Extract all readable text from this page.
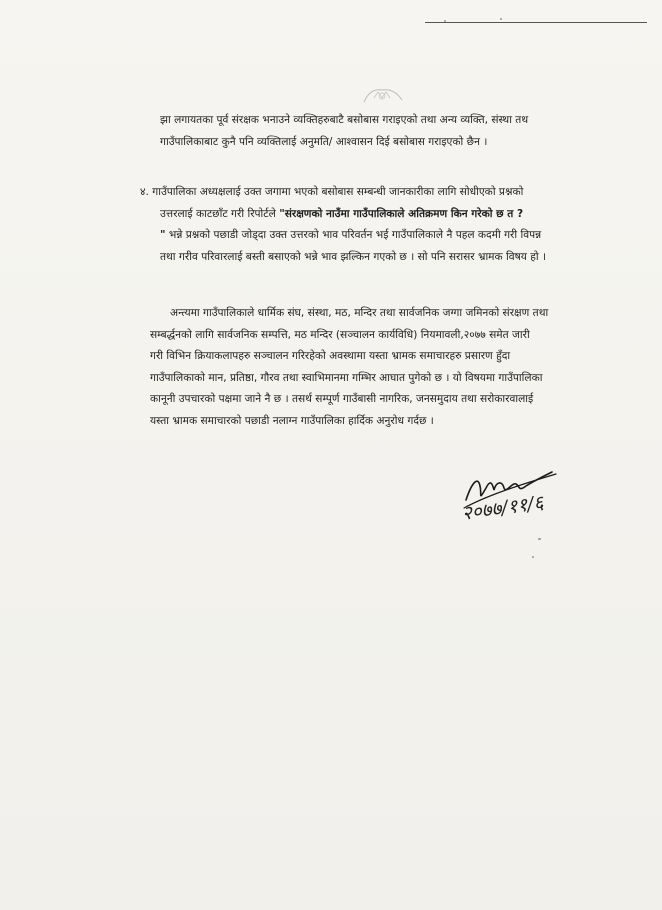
झा लगायतका पूर्व संरक्षक भनाउने व्यक्तिहरुबाटै बसोबास गराइएको तथा अन्य व्यक्ति, संस्था तथ
गाउँपालिकाबाट कुनै पनि व्यक्तिलाई अनुमति/ आश्वासन दिई बसोबास गराइएको छैन ।
४. गाउँपालिका अध्यक्षलाई उक्त जगामा भएको बसोबास सम्बन्धी जानकारीका लागि सोधीएको प्रश्नको
उत्तरलाई काटछाँट गरी रिपोर्टले "संरक्षणको नाउँमा गाउँपालिकाले अतिक्रमण किन गरेको छ त ?
" भन्ने प्रश्नको पछाडी जोड्दा उक्त उत्तरको भाव परिवर्तन भई गाउँपालिकाले नै पहल कदमी गरी विपन्न
तथा गरीव परिवारलाई बस्ती बसाएको भन्ने भाव झल्किन गएको छ । सो पनि सरासर भ्रामक विषय हो ।
अन्त्यमा गाउँपालिकाले धार्मिक संघ, संस्था, मठ, मन्दिर तथा सार्वजनिक जग्गा जमिनको संरक्षण तथा
सम्बर्द्धनको लागि सार्वजनिक सम्पत्ति, मठ मन्दिर (सञ्चालन कार्यविधि) नियमावली,२०७७ समेत जारी
गरी विभिन क्रियाकलापहरु सञ्चालन गरिरहेको अवस्थामा यस्ता भ्रामक समाचारहरु प्रसारण हुँदा
गाउँपालिकाको मान, प्रतिष्ठा, गौरव तथा स्वाभिमानमा गम्भिर आघात पुगेको छ । यो विषयमा गाउँपालिका
कानूनी उपचारको पक्षमा जाने नै छ । तसर्थ सम्पूर्ण गाउँबासी नागरिक, जनसमुदाय तथा सरोकारवालाई
यस्ता भ्रामक समाचारको पछाडी नलाग्न गाउँपालिका हार्दिक अनुरोध गर्दछ ।
२०७७/११/६
